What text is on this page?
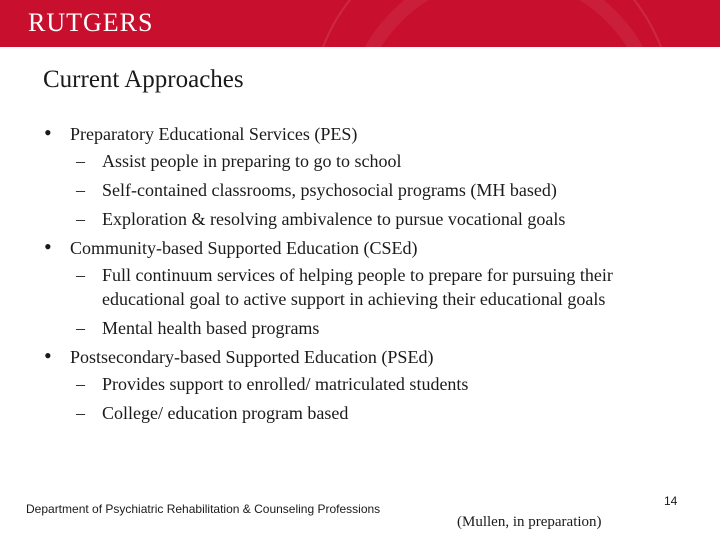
RUTGERS
Current Approaches
• Preparatory Educational Services (PES)
– Assist people in preparing to go to school
– Self-contained classrooms, psychosocial programs (MH based)
– Exploration & resolving ambivalence to pursue vocational goals
• Community-based Supported Education (CSEd)
– Full continuum services of helping people to prepare for pursuing their educational goal to active support in achieving their educational goals
– Mental health based programs
• Postsecondary-based Supported Education (PSEd)
– Provides support to enrolled/ matriculated students
– College/ education program based
Department of Psychiatric Rehabilitation & Counseling Professions
(Mullen, in preparation)
14
